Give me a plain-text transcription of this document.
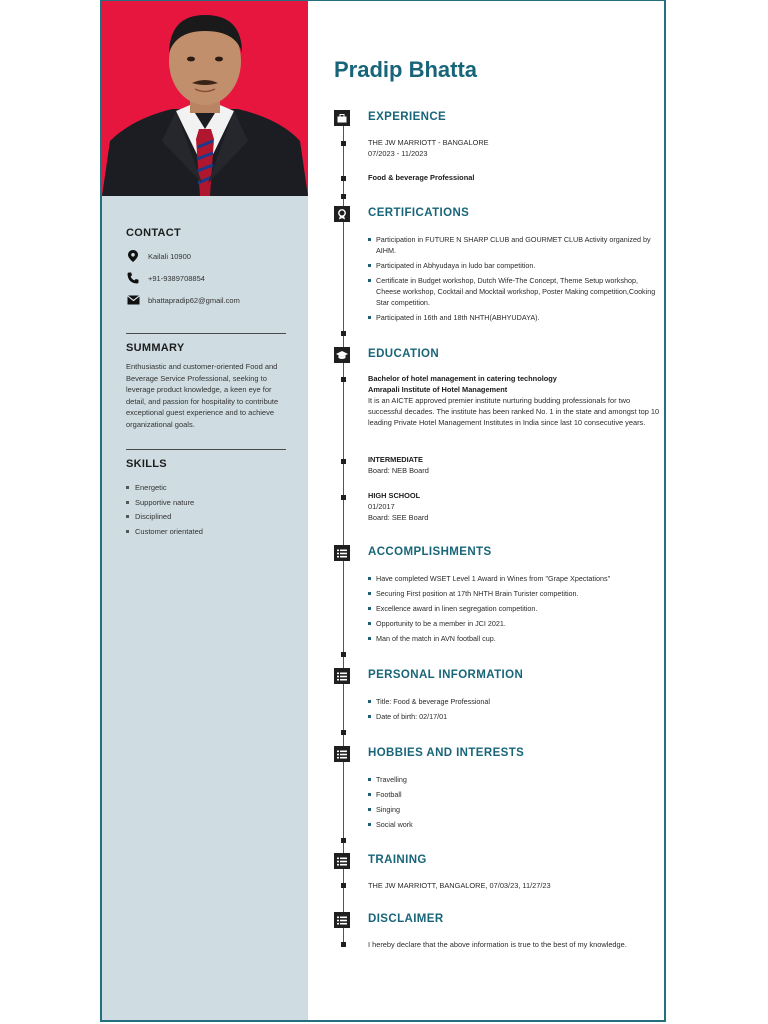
CONTACT
Kailali 10900
+91-9389708854
bhattapradip62@gmail.com
SUMMARY
Enthusiastic and customer-oriented Food and Beverage Service Professional, seeking to leverage product knowledge, a keen eye for detail, and passion for hospitality to contribute exceptional guest experience and to achieve organizational goals.
SKILLS
Energetic
Supportive nature
Disciplined
Customer orientated
Pradip Bhatta
EXPERIENCE
THE JW MARRIOTT - BANGALORE
07/2023 - 11/2023
Food & beverage Professional
CERTIFICATIONS
Participation in FUTURE N SHARP CLUB and GOURMET CLUB Activity organized by AIHM.
Participated in Abhyudaya in ludo bar competition.
Certificate in Budget workshop, Dutch Wife-The Concept, Theme Setup workshop, Cheese workshop, Cocktail and Mocktail workshop, Poster Making competition,Cooking Star competition.
Participated in 16th and 18th NHTH(ABHYUDAYA).
EDUCATION
Bachelor of hotel management in catering technology
Amrapali Institute of Hotel Management
It is an AICTE approved premier institute nurturing budding professionals for two successful decades. The institute has been ranked No. 1 in the state and amongst top 10 leading Private Hotel Management Institutes in India since last 10 consecutive years.
INTERMEDIATE
Board: NEB Board
HIGH SCHOOL
01/2017
Board: SEE Board
ACCOMPLISHMENTS
Have completed WSET Level 1 Award in Wines from "Grape Xpectations"
Securing First position at 17th NHTH Brain Turister competition.
Excellence award in linen segregation competition.
Opportunity to be a member in JCI 2021.
Man of the match in AVN football cup.
PERSONAL INFORMATION
Title: Food & beverage Professional
Date of birth: 02/17/01
HOBBIES AND INTERESTS
Travelling
Football
Singing
Social work
TRAINING
THE JW MARRIOTT, BANGALORE, 07/03/23, 11/27/23
DISCLAIMER
I hereby declare that the above information is true to the best of my knowledge.
